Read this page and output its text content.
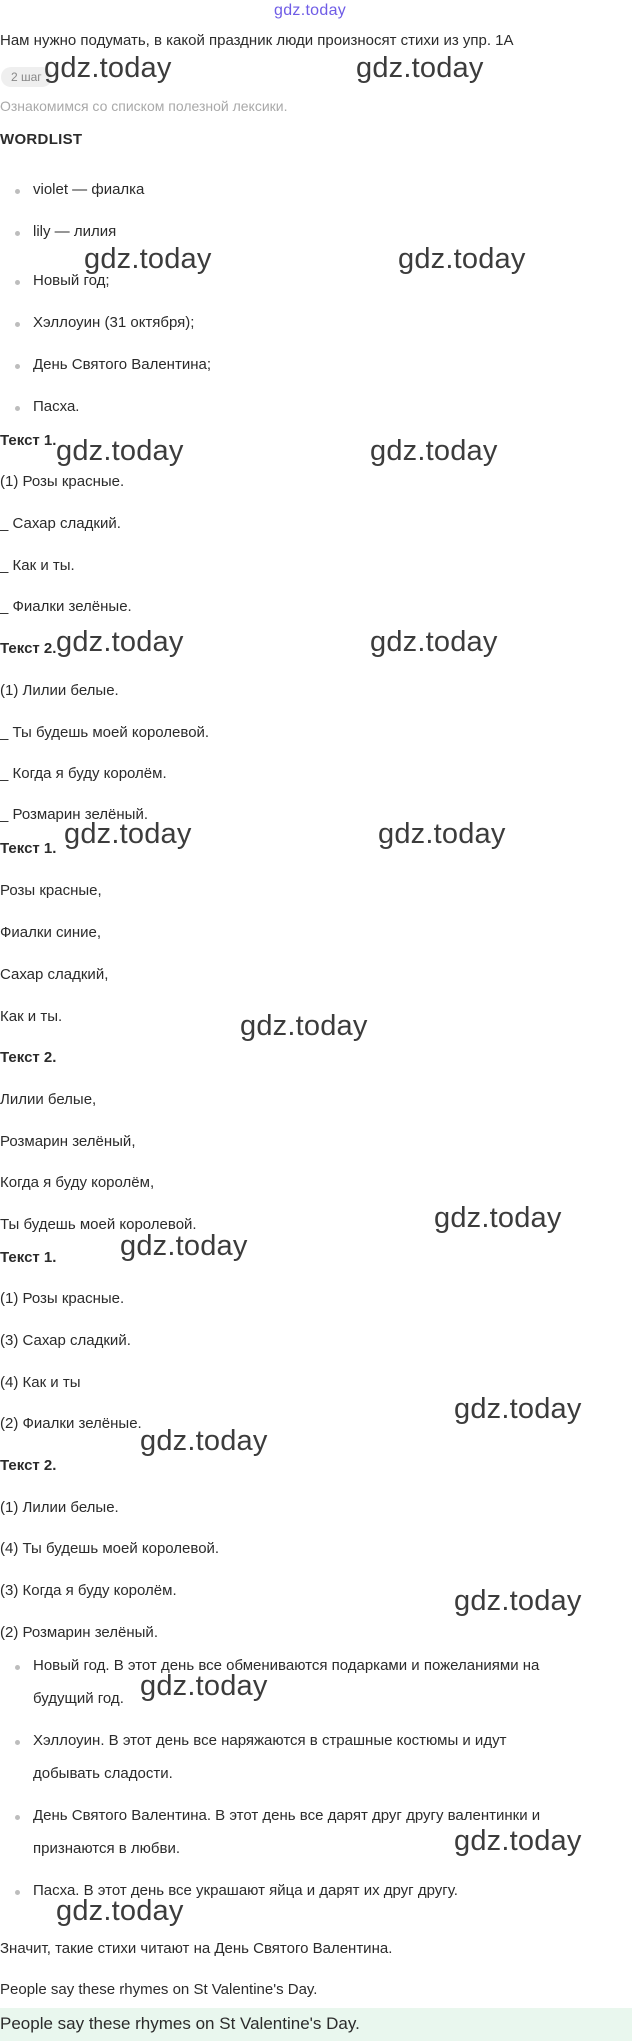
gdz.today
Нам нужно подумать, в какой праздник люди произносят стихи из упр. 1А
2 шаг
Ознакомимся со списком полезной лексики.
WORDLIST
violet — фиалка
lily — лилия
Новый год;
Хэллоуин (31 октября);
День Святого Валентина;
Пасха.
Текст 1.
(1) Розы красные.
_ Сахар сладкий.
_ Как и ты.
_ Фиалки зелёные.
Текст 2.
(1) Лилии белые.
_ Ты будешь моей королевой.
_ Когда я буду королём.
_ Розмарин зелёный.
Текст 1.
Розы красные,
Фиалки синие,
Сахар сладкий,
Как и ты.
Текст 2.
Лилии белые,
Розмарин зелёный,
Когда я буду королём,
Ты будешь моей королевой.
Текст 1.
(1) Розы красные.
(3) Сахар сладкий.
(4) Как и ты
(2) Фиалки зелёные.
Текст 2.
(1) Лилии белые.
(4) Ты будешь моей королевой.
(3) Когда я буду королём.
(2) Розмарин зелёный.
Новый год. В этот день все обмениваются подарками и пожеланиями на
будущий год.
Хэллоуин. В этот день все наряжаются в страшные костюмы и идут
добывать сладости.
День Святого Валентина. В этот день все дарят друг другу валентинки и
признаются в любви.
Пасха. В этот день все украшают яйца и дарят их друг другу.
Значит, такие стихи читают на День Святого Валентина.
People say these rhymes on St Valentine's Day.
People say these rhymes on St Valentine's Day.
gdz.today	gdz.today
gdz.today	gdz.today
gdz.today	gdz.today
gdz.today	gdz.today
gdz.today	gdz.today
gdz.today
gdz.today
gdz.today
gdz.today
gdz.today
gdz.today
gdz.today
gdz.today
gdz.today
